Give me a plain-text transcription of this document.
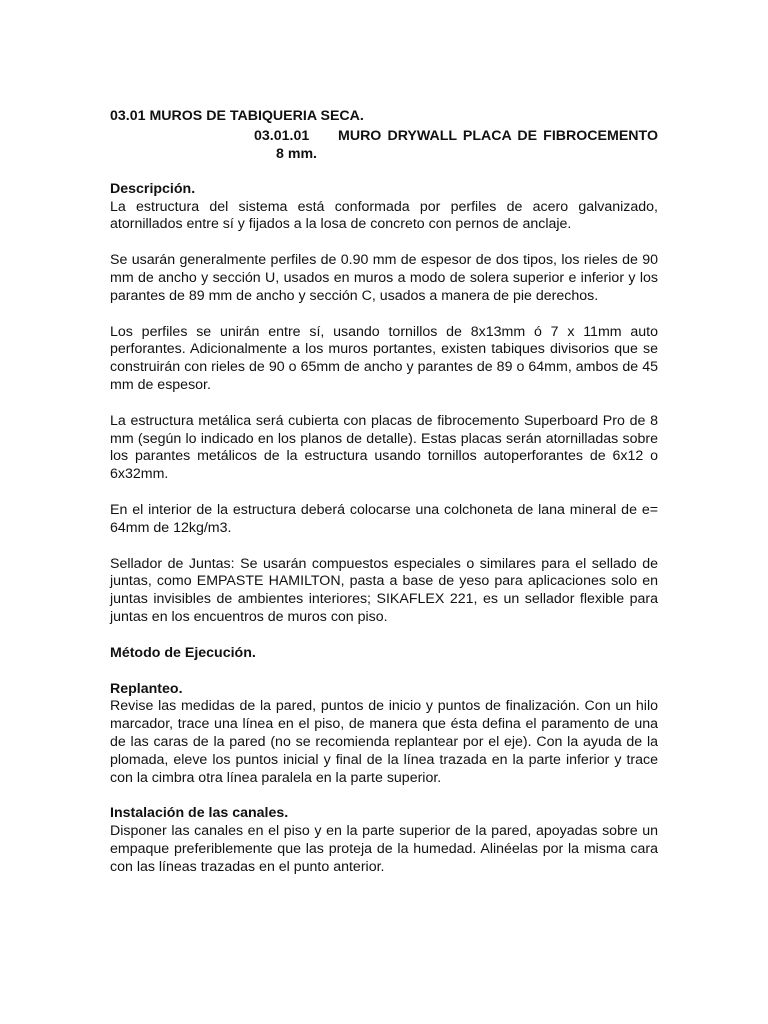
03.01 MUROS DE TABIQUERIA SECA.

03.01.01 MURO DRYWALL PLACA DE FIBROCEMENTO
8 mm.

Descripción.

La estructura del sistema está conformada por perfiles de acero galvanizado, atornillados entre sí y fijados a la losa de concreto con pernos de anclaje.

Se usarán generalmente perfiles de 0.90 mm de espesor de dos tipos, los rieles de 90 mm de ancho y sección U, usados en muros a modo de solera superior e inferior y los parantes de 89 mm de ancho y sección C, usados a manera de pie derechos.

Los perfiles se unirán entre sí, usando tornillos de 8x13mm ó 7 x 11mm auto perforantes. Adicionalmente a los muros portantes, existen tabiques divisorios que se construirán con rieles de 90 o 65mm de ancho y parantes de 89 o 64mm, ambos de 45 mm de espesor.

La estructura metálica será cubierta con placas de fibrocemento Superboard Pro de 8 mm (según lo indicado en los planos de detalle). Estas placas serán atornilladas sobre los parantes metálicos de la estructura usando tornillos autoperforantes de 6x12 o 6x32mm.

En el interior de la estructura deberá colocarse una colchoneta de lana mineral de e= 64mm de 12kg/m3.

Sellador de Juntas: Se usarán compuestos especiales o similares para el sellado de juntas, como EMPASTE HAMILTON, pasta a base de yeso para aplicaciones solo en juntas invisibles de ambientes interiores; SIKAFLEX 221, es un sellador flexible para juntas en los encuentros de muros con piso.

Método de Ejecución.

Replanteo.

Revise las medidas de la pared, puntos de inicio y puntos de finalización. Con un hilo marcador, trace una línea en el piso, de manera que ésta defina el paramento de una de las caras de la pared (no se recomienda replantear por el eje). Con la ayuda de la plomada, eleve los puntos inicial y final de la línea trazada en la parte inferior y trace con la cimbra otra línea paralela en la parte superior.

Instalación de las canales.

Disponer las canales en el piso y en la parte superior de la pared, apoyadas sobre un empaque preferiblemente que las proteja de la humedad. Alinéelas por la misma cara con las líneas trazadas en el punto anterior.
